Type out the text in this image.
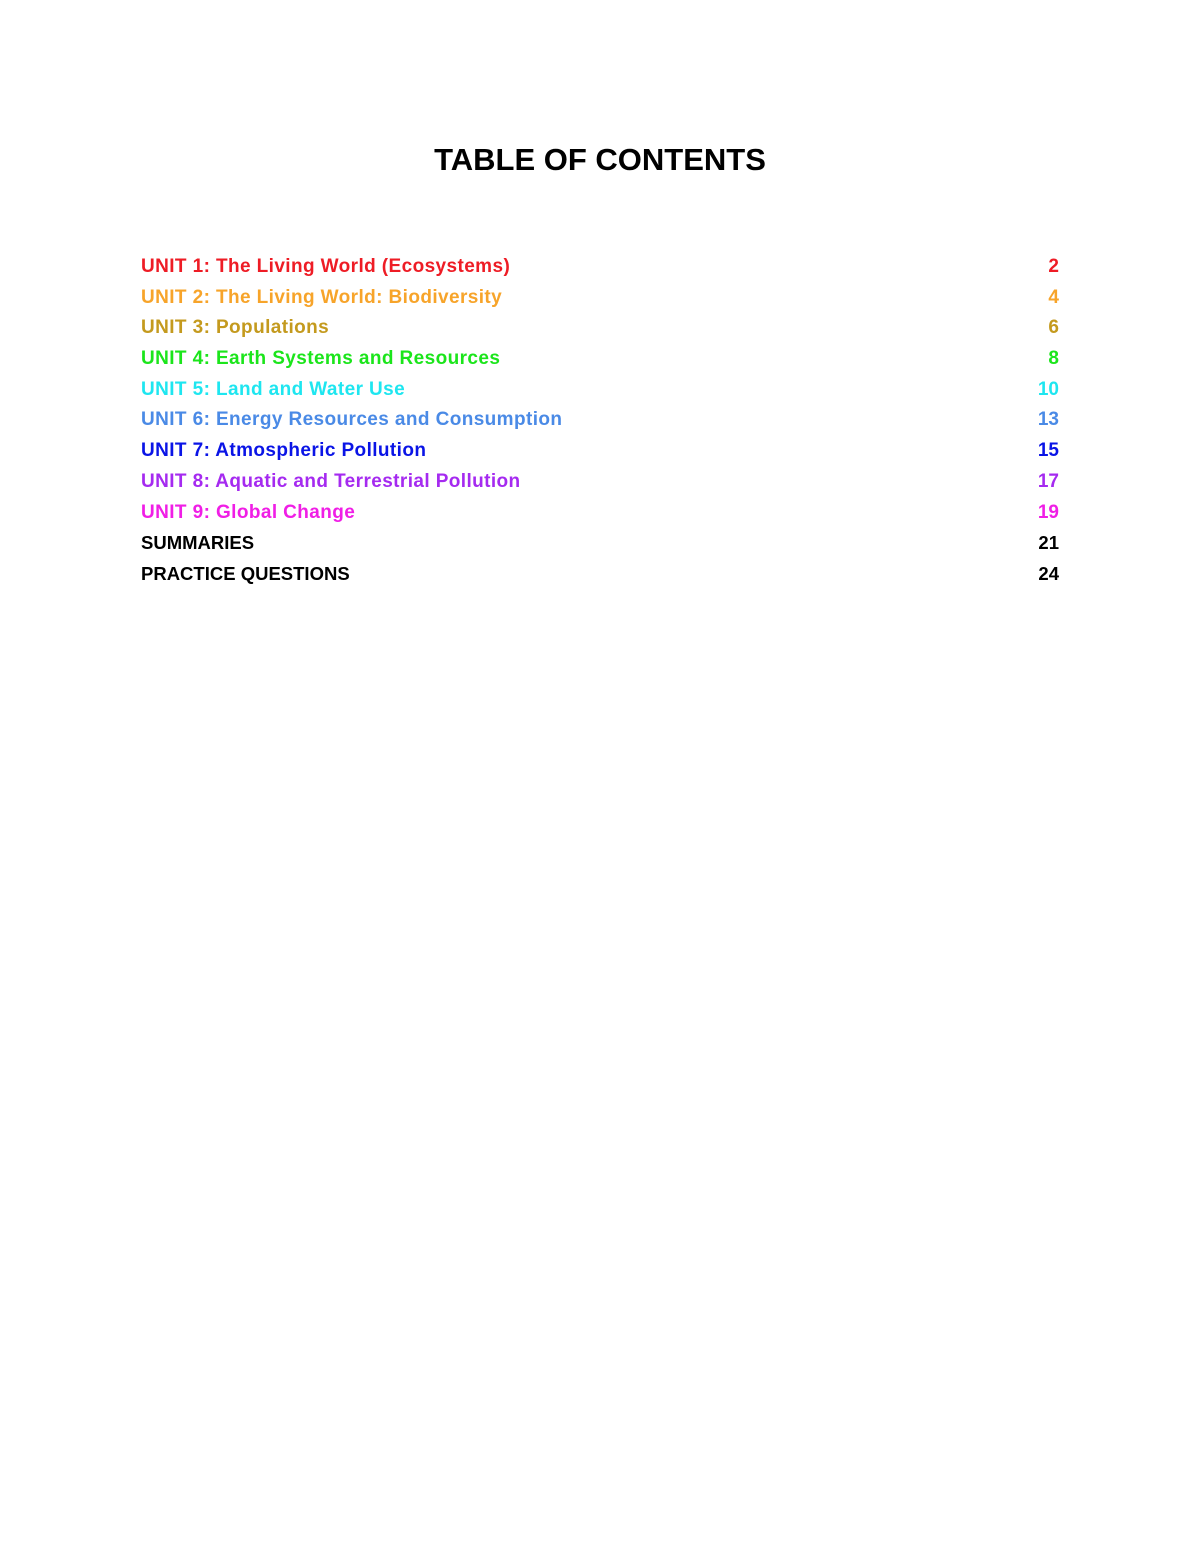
TABLE OF CONTENTS
UNIT 1: The Living World (Ecosystems)	2
UNIT 2: The Living World: Biodiversity	4
UNIT 3: Populations	6
UNIT 4: Earth Systems and Resources	8
UNIT 5: Land and Water Use	10
UNIT 6: Energy Resources and Consumption	13
UNIT 7: Atmospheric Pollution	15
UNIT 8: Aquatic and Terrestrial Pollution	17
UNIT 9: Global Change	19
SUMMARIES	21
PRACTICE QUESTIONS	24
